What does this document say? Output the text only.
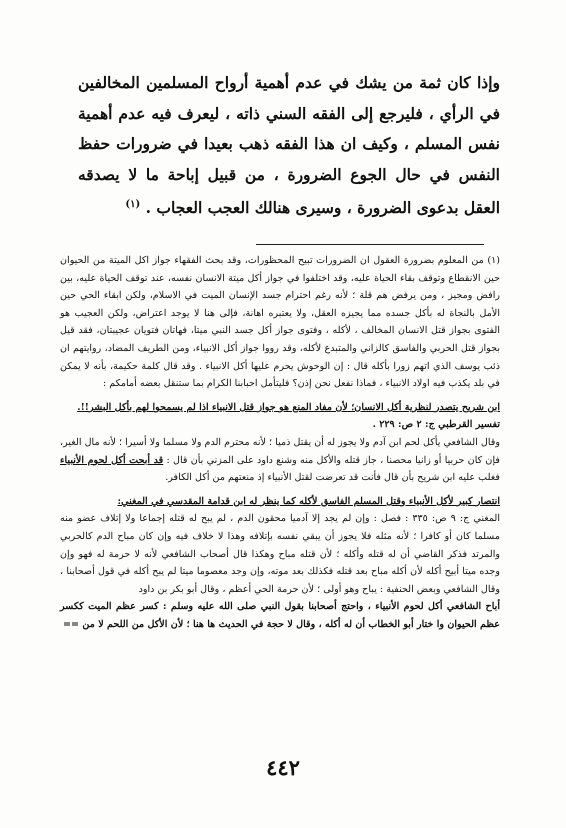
وإذا كان ثمة من يشك في عدم أهمية أرواح المسلمين المخالفين في الرأي ، فليرجع إلى الفقه السني ذاته ، ليعرف فيه عدم أهمية نفس المسلم ، وكيف ان هذا الفقه ذهب بعيدا في ضرورات حفظ النفس في حال الجوع الضرورة ، من قبيل إباحة ما لا يصدقه العقل بدعوى الضرورة ، وسيرى هنالك العجب العجاب . $^{(١)}$

(١) من المعلوم بضرورة العقول ان الضرورات تبيح المحظورات، وقد بحث الفقهاء جواز اكل الميتة من الحيوان حين الانقطاع وتوقف بقاء الحياة عليه، وقد اختلفوا في جواز أكل ميتة الانسان نفسه، عند توقف الحياة عليه، بين رافض ومجيز ، ومن يرفض هم قلة ؛ لأنه رغم احترام جسد الإنسان الميت في الاسلام، ولكن ابقاء الحي حين الأمل بالنجاة له بأكل جسده مما يجيزه العقل، ولا يعتبره اهانة، فإلى هنا لا يوجد اعتراض، ولكن العجيب هو الفتوى بجواز قتل الانسان المخالف ، لأكله ، وفتوى جواز أكل جسد النبي ميتا، فهاتان فتويان عجيبتان، فقد قيل بجواز قتل الحربي والفاسق كالزاني والمتبدع لأكله، وقد رووا جواز أكل الانبياء، ومن الطريف المضاد، روايتهم ان ذئب يوسف الذي اتهم زورا بأكله قال : إن الوحوش يحرم عليها أكل الانبياء . وقد قال كلمة حكيمة، بأنه لا يمكن في بلد يكذب فيه اولاد الانبياء ، فماذا نفعل نحن إذن؟ فليتأمل احبابنا الكرام بما ستنقل بعضه أمامكم :

ابن شريح يتصدر لنظرية أكل الانسان؛ لأن مفاد المنع هو جواز قتل الانبياء اذا لم يسمحوا لهم بأكل البشر!!.

تفسير القرطبي ج: ٢ ص: ٢٢٩ .

وقال الشافعي يأكل لحم ابن آدم ولا يجوز له أن يقتل ذميا ؛ لأنه محترم الدم ولا مسلما ولا أسيرا ؛ لأنه مال الغير، فإن كان حربيا أو زانيا محصنا ، جاز قتله والأكل منه وشنع داود على المزني بأن قال : قد أبحت أكل لحوم الأنبياء فغلب عليه ابن شريح بأن قال فأنت قد تعرضت لقتل الأنبياء إذ منعتهم من أكل الكافر.

انتصار كبير لأكل الأنبياء وقتل المسلم الفاسق لأكله كما ينظر له ابن قدامة المقدسي في المغني:

المغني ج: ٩ ص: ٣٣٥ : فصل : وإن لم يجد إلا آدميا محقون الدم ، لم يبح له قتله إجماعا ولا إتلاف عضو منه مسلما كان أو كافرا ؛ لأنه مثله فلا يجوز أن يبقي نفسه بإتلافه وهذا لا خلاف فيه وإن كان مباح الدم كالحربي والمرتد فذكر القاضي أن له قتله وأكله ؛ لأن قتله مباح وهكذا قال أصحاب الشافعي لأنه لا حرمة له فهو وإن وجده ميتا أبيح أكله لأن أكله مباح بعد قتله فكذلك بعد موته، وإن وجد معصوما ميتا لم يبح أكله في قول أصحابنا ، وقال الشافعي وبعض الحنفية : يباح وهو أولى ؛ لأن حرمة الحي أعظم ، وقال أبو بكر بن داود

أباح الشافعي أكل لحوم الأنبياء ، واحتج أصحابنا بقول النبي صلى الله عليه وسلم : كسر عظم الميت ككسر عظم الحيوان وا ختار أبو الخطاب أن له أكله ، وقال لا حجة في الحديث ها هنا ؛ لأن الأكل من اللحم لا من ==

٤٤٢
